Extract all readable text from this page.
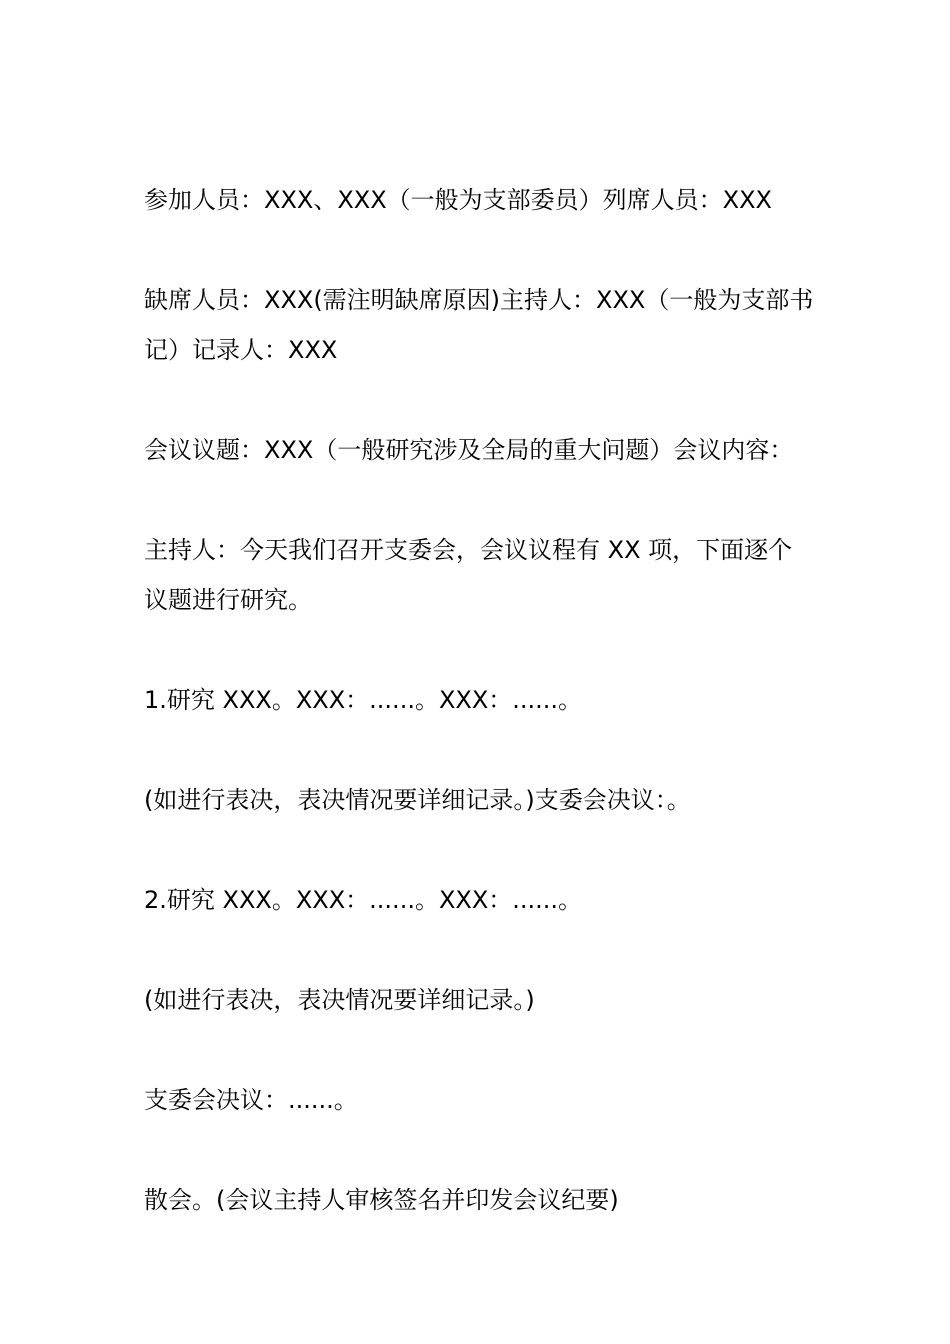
参加人员：XXX、XXX（一般为支部委员）列席人员：XXX
缺席人员：XXX(需注明缺席原因)主持人：XXX（一般为支部书
记）记录人：XXX
会议议题：XXX（一般研究涉及全局的重大问题）会议内容：
主持人：今天我们召开支委会，会议议程有 XX 项，下面逐个
议题进行研究。
1.研究 XXX。XXX：......。XXX：......。
(如进行表决，表决情况要详细记录。)支委会决议：。
2.研究 XXX。XXX：......。XXX：......。
(如进行表决，表决情况要详细记录。)
支委会决议：......。
散会。(会议主持人审核签名并印发会议纪要)
